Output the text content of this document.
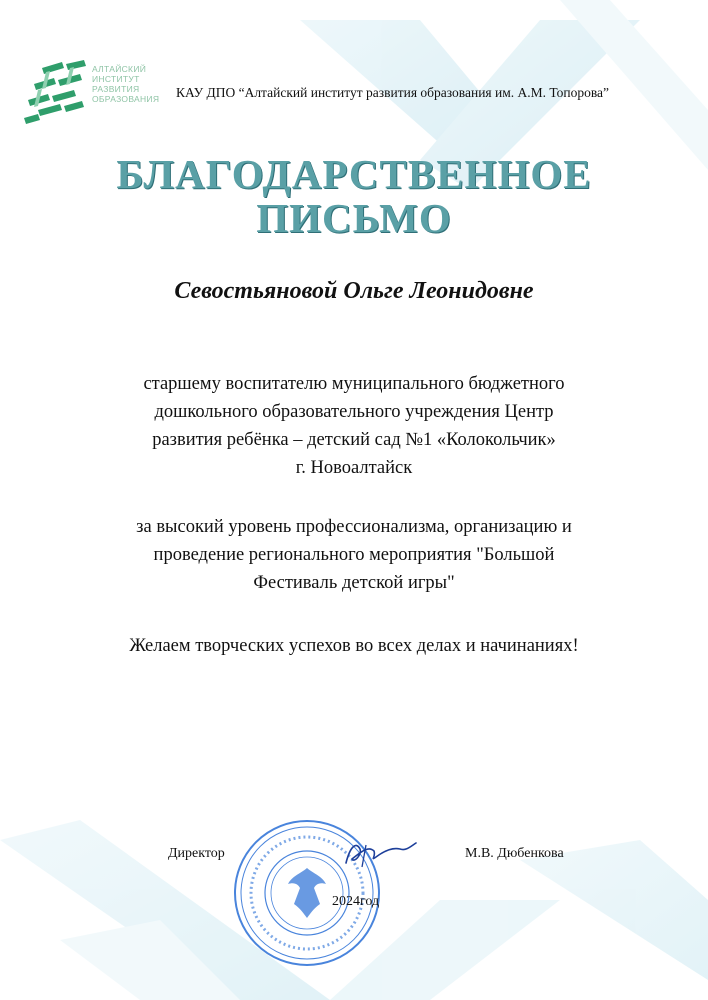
АЛТАЙСКИЙ
ИНСТИТУТ
РАЗВИТИЯ
ОБРАЗОВАНИЯ	КАУ ДПО “Алтайский институт развития образования им. А.М. Топорова”
БЛАГОДАРСТВЕННОЕ
ПИСЬМО
Севостьяновой Ольге Леонидовне
старшему воспитателю муниципального бюджетного
дошкольного образовательного учреждения Центр
развития ребёнка – детский сад №1 «Колокольчик»
г. Новоалтайск
за высокий уровень профессионализма, организацию и
проведение регионального мероприятия "Большой
Фестиваль детской игры"
Желаем творческих успехов во всех делах и начинаниях!
Директор	М.В. Дюбенкова
2024год
